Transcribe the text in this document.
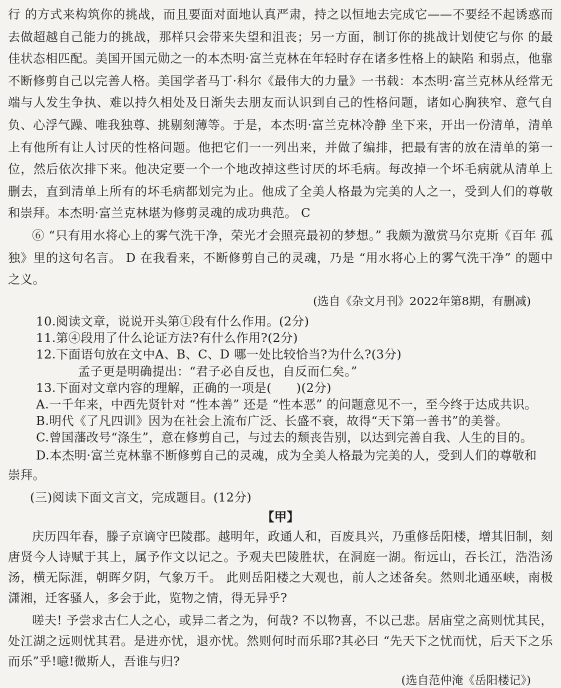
行 的方式来构筑你的挑战，而且要面对面地认真严肃，持之以恒地去完成它——不要经不起诱惑而去做超越自己能力的挑战，那样只会带来失望和沮丧；另一方面，制订你的挑战计划使它与你 的最佳状态相匹配。美国开国元勋之一的本杰明·富兰克林在年轻时存在诸多性格上的缺陷 和弱点，他靠不断修剪自己以完善人格。美国学者马丁·科尔《最伟大的力量》一书载：本杰明·富兰克林从经常无端与人发生争执、难以持久相处及日渐失去朋友而认识到自己的性格问题，诸如心胸狭窄、意气自负、心浮气躁、唯我独尊、挑剔刻薄等。于是，本杰明·富兰克林冷静 坐下来，开出一份清单，清单上有他所有让人讨厌的性格问题。他把它们一一列出来，并做了编排，把最有害的放在清单的第一位，然后依次排下来。他决定要一个一个地改掉这些讨厌的坏毛病。每改掉一个坏毛病就从清单上删去，直到清单上所有的坏毛病都划完为止。他成了全美人格最为完美的人之一，受到人们的尊敬和崇拜。本杰明·富兰克林堪为修剪灵魂的成功典范。 C
⑥ “只有用水将心上的雾气洗干净，荣光才会照亮最初的梦想。” 我颇为激赏马尔克斯《百年 孤独》里的这句名言。 D 在我看来，不断修剪自己的灵魂，乃是 “用水将心上的雾气洗干净” 的题中之义。
(选自《杂文月刊》2022年第8期，有删减)
10.阅读文章，说说开头第①段有什么作用。(2分)
11.第④段用了什么论证方法?有什么作用?(2分)
12.下面语句放在文中A、B、C、D 哪一处比较恰当?为什么?(3分)
孟子更是明确提出：“君子必自反也，自反而仁矣。”
13.下面对文章内容的理解，正确的一项是(　　)(2分)
A.一千年来，中西先贤针对 “性本善” 还是 “性本恶” 的问题意见不一，至今终于达成共识。
B.明代《了凡四训》因为在社会上流布广泛、长盛不衰，故得“天下第一善书”的美誉。
C.曾国藩改号“涤生”，意在修剪自己，与过去的颓丧告别，以达到完善自我、人生的目的。
D.本杰明·富兰克林靠不断修剪自己的灵魂，成为全美人格最为完美的人，受到人们的尊敬和崇拜。
(三)阅读下面文言文，完成题目。(12分)
【甲】
庆历四年春，滕子京谪守巴陵郡。越明年，政通人和，百废具兴，乃重修岳阳楼，增其旧制，刻唐贤今人诗赋于其上，属予作文以记之。予观夫巴陵胜状，在洞庭一湖。衔远山，吞长江，浩浩汤汤，横无际涯，朝晖夕阴，气象万千。 此则岳阳楼之大观也，前人之述备矣。然则北通巫峡，南极潇湘，迁客骚人，多会于此，览物之情，得无异乎?
嗟夫! 予尝求古仁人之心，或异二者之为，何哉? 不以物喜，不以己悲。居庙堂之高则忧其民，处江湖之远则忧其君。是进亦忧，退亦忧。然则何时而乐耶?其必曰 “先天下之忧而忧，后天下之乐而乐”乎!噫!微斯人，吾谁与归?
(选自范仲淹《岳阳楼记》)
